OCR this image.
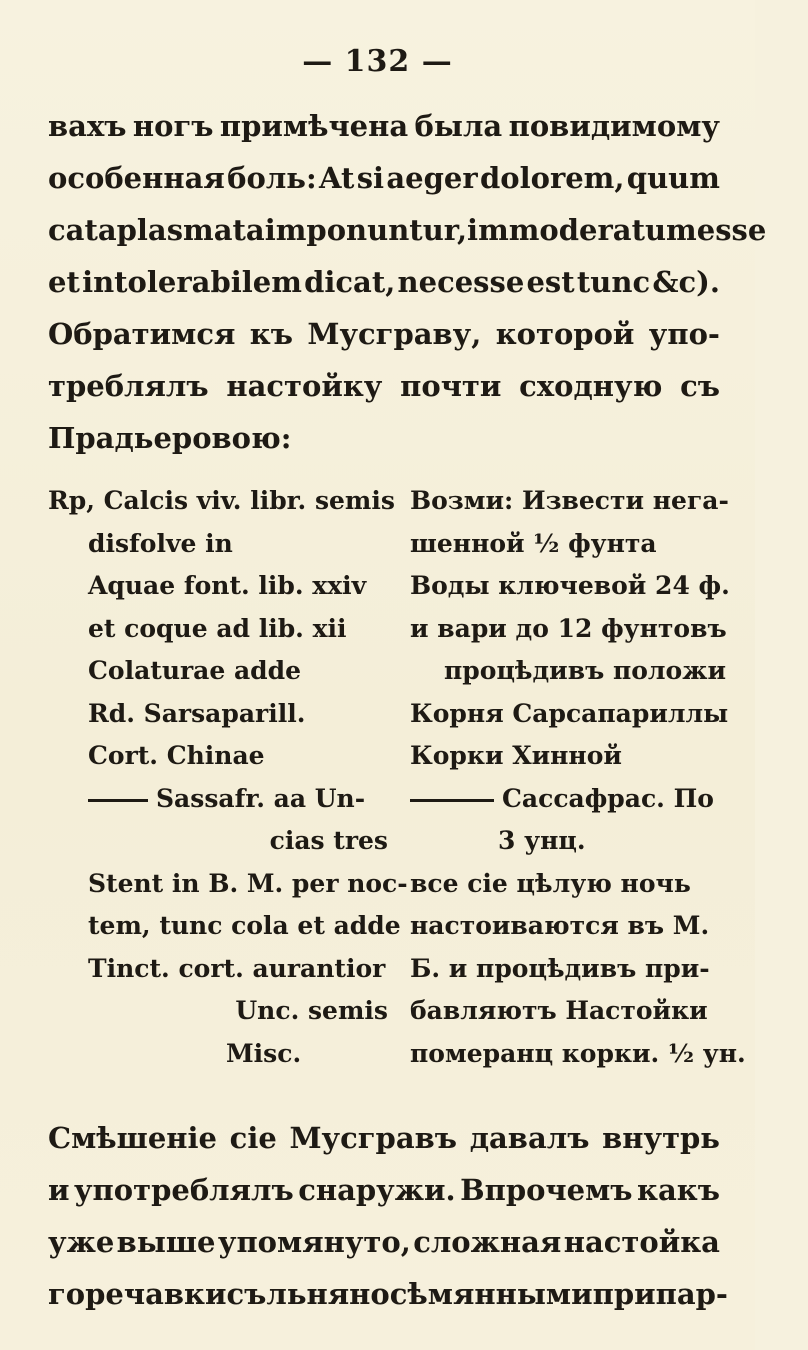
— 132 —
вахъ ногъ примѣчена была повидимому
особенная боль: At si aeger dolorem, quum
cataplasmata imponuntur, immoderatum esse
et intolerabilem dicat, necesse est tunc &c).
Обратимся къ Мусграву, которой упо-
треблялъ настойку почти сходную съ
Прадьеровою:
Rp, Calcis viv. libr. semis Возми: Извести нега-
disfolve in	шенной ½ фунта
Aquae font. lib. xxiv	Воды ключевой 24 ф.
et coque ad lib. xii	и вари до 12 фунтовъ
Colaturae adde	процѣдивъ положи
Rd. Sarsaparill.	Корня Сарсапариллы
Cort. Chinae	Корки Хинной
Sassafr. aa Un-	Сассафрас. По
cias tres	3 унц.
Stent in B. M. per noc- все сіе цѣлую ночь
tem, tunc cola et adde настоиваются въ М.
Tinct. cort. aurantior Б. и процѣдивъ при-
Unc. semis бавляютъ Настойки
Misc.	померанц корки. ½ ун.
Смѣшеніе сіе Мусгравъ давалъ внутрь
и употреблялъ снаружи. Впрочемъ какъ
уже выше упомянуто, сложная настойка
горечавки съ льняносѣмянными припар-
